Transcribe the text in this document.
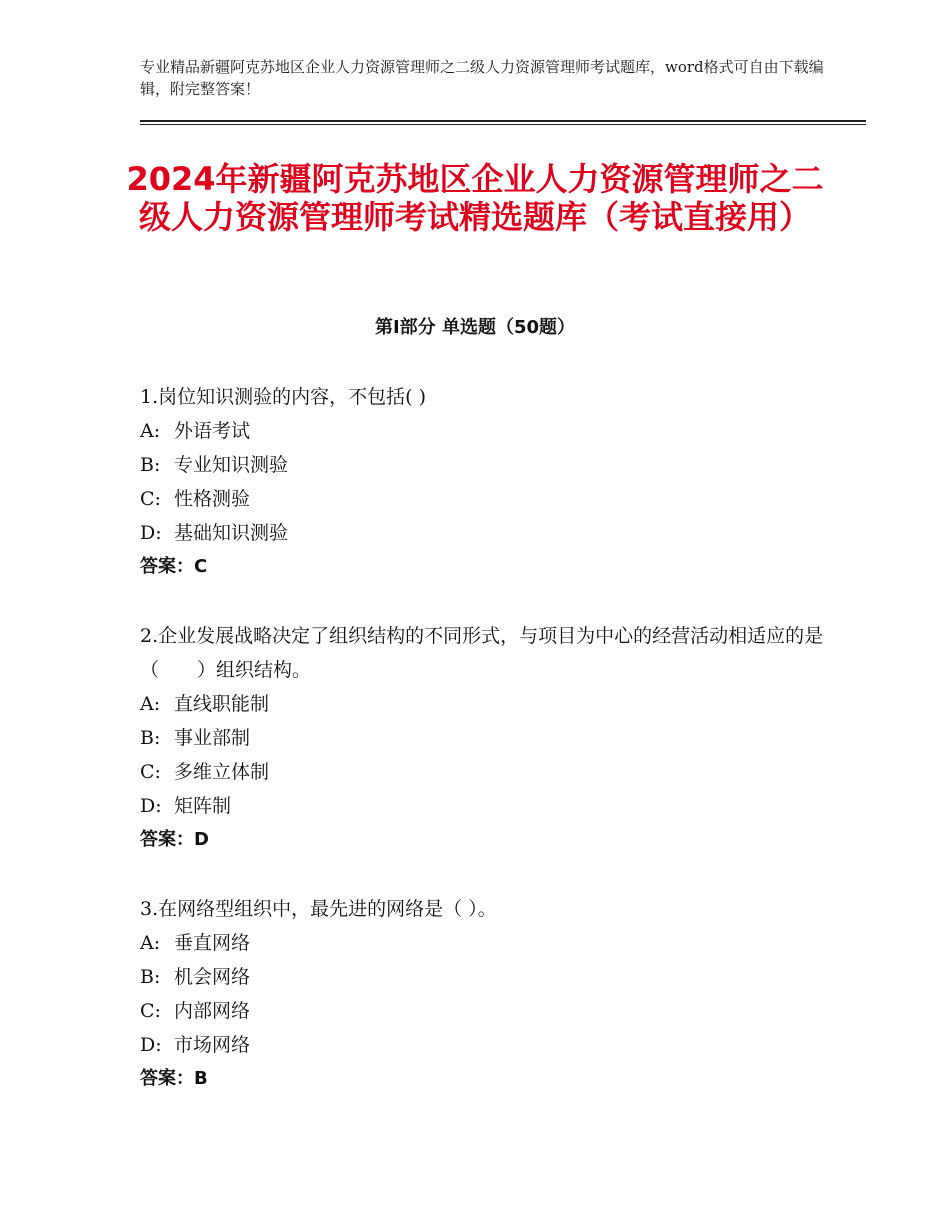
专业精品新疆阿克苏地区企业人力资源管理师之二级人力资源管理师考试题库，word格式可自由下载编辑，附完整答案！
2024年新疆阿克苏地区企业人力资源管理师之二级人力资源管理师考试精选题库（考试直接用）
第Ⅰ部分 单选题（50题）

1.岗位知识测验的内容，不包括( )

A: 外语考试
B: 专业知识测验
C: 性格测验
D: 基础知识测验

答案：C

2.企业发展战略决定了组织结构的不同形式，与项目为中心的经营活动相适应的是（　　）组织结构。

A: 直线职能制
B: 事业部制
C: 多维立体制
D: 矩阵制

答案：D

3.在网络型组织中，最先进的网络是（ ）。

A: 垂直网络
B: 机会网络
C: 内部网络
D: 市场网络

答案：B
